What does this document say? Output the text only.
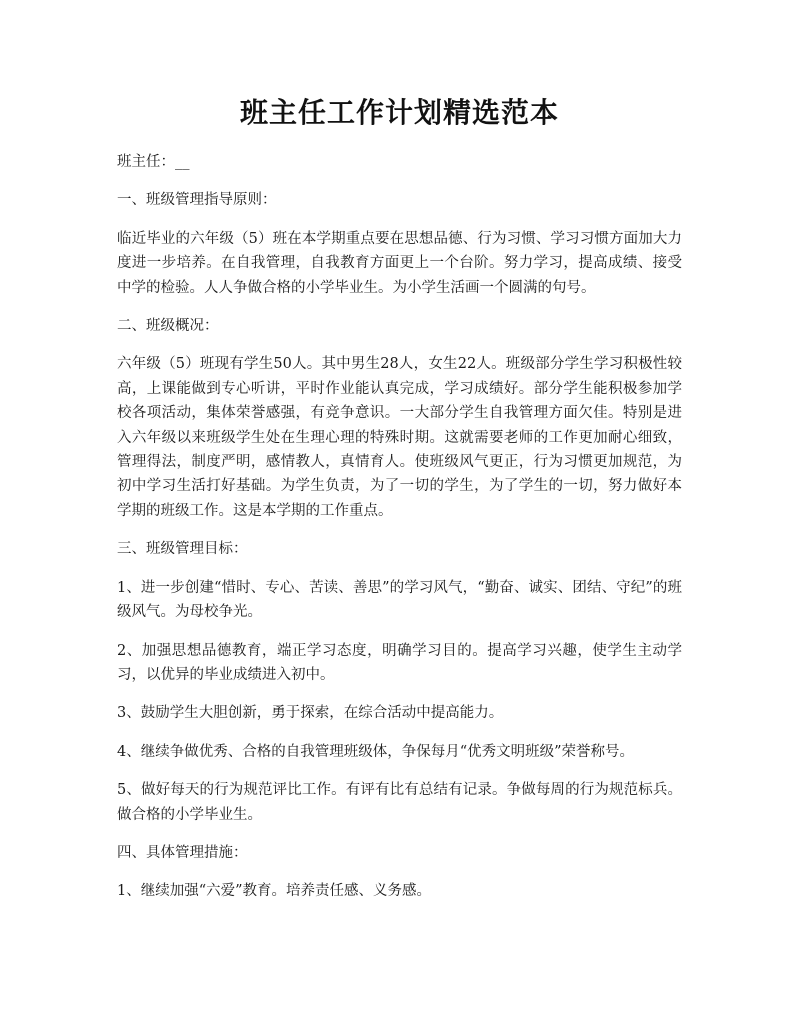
班主任工作计划精选范本

班主任：__

一、班级管理指导原则：

临近毕业的六年级（5）班在本学期重点要在思想品德、行为习惯、学习习惯方面加大力度进一步培养。在自我管理，自我教育方面更上一个台阶。努力学习，提高成绩、接受中学的检验。人人争做合格的小学毕业生。为小学生活画一个圆满的句号。

二、班级概况：

六年级（5）班现有学生50人。其中男生28人，女生22人。班级部分学生学习积极性较高，上课能做到专心听讲，平时作业能认真完成，学习成绩好。部分学生能积极参加学校各项活动，集体荣誉感强，有竞争意识。一大部分学生自我管理方面欠佳。特别是进入六年级以来班级学生处在生理心理的特殊时期。这就需要老师的工作更加耐心细致，管理得法，制度严明，感情教人，真情育人。使班级风气更正，行为习惯更加规范，为初中学习生活打好基础。为学生负责，为了一切的学生，为了学生的一切，努力做好本学期的班级工作。这是本学期的工作重点。

三、班级管理目标：

1、进一步创建“惜时、专心、苦读、善思”的学习风气，“勤奋、诚实、团结、守纪”的班级风气。为母校争光。

2、加强思想品德教育，端正学习态度，明确学习目的。提高学习兴趣，使学生主动学习，以优异的毕业成绩进入初中。

3、鼓励学生大胆创新，勇于探索，在综合活动中提高能力。

4、继续争做优秀、合格的自我管理班级体，争保每月“优秀文明班级”荣誉称号。

5、做好每天的行为规范评比工作。有评有比有总结有记录。争做每周的行为规范标兵。做合格的小学毕业生。

四、具体管理措施：

1、继续加强“六爱”教育。培养责任感、义务感。
